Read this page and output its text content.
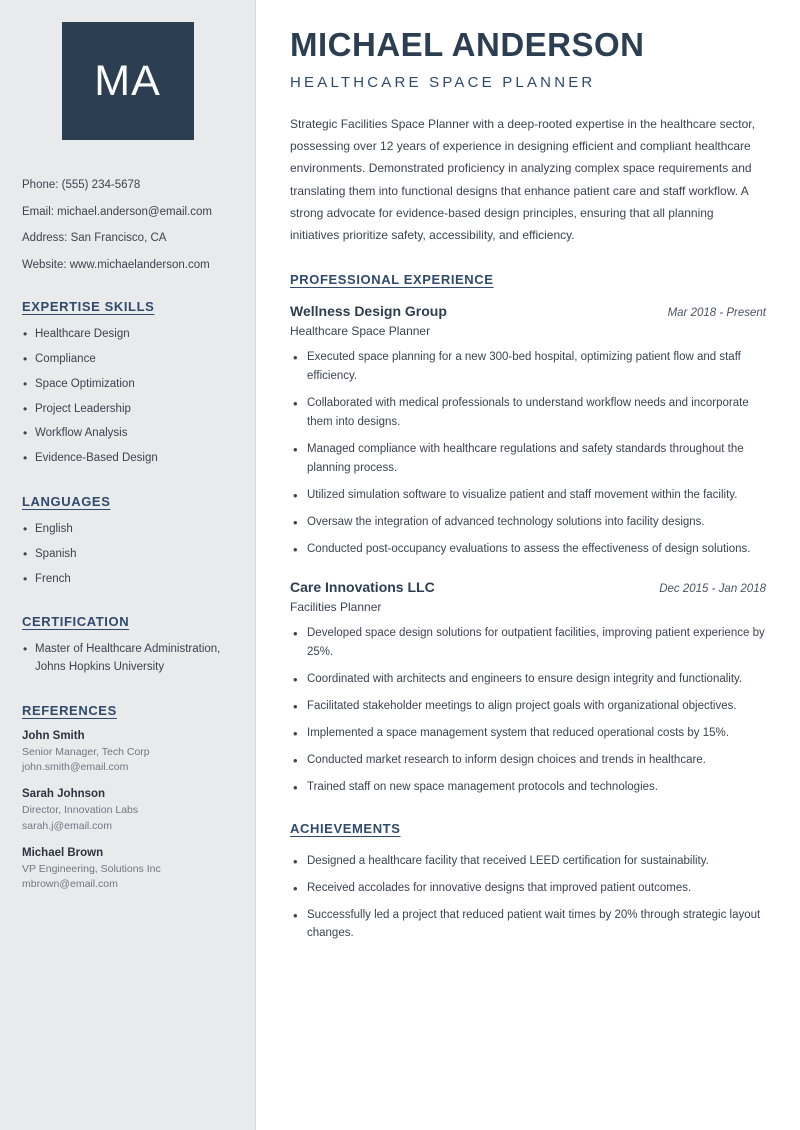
MA
Phone: (555) 234-5678
Email: michael.anderson@email.com
Address: San Francisco, CA
Website: www.michaelanderson.com
EXPERTISE SKILLS
• Healthcare Design
• Compliance
• Space Optimization
• Project Leadership
• Workflow Analysis
• Evidence-Based Design
LANGUAGES
• English
• Spanish
• French
CERTIFICATION
• Master of Healthcare Administration, Johns Hopkins University
REFERENCES
John Smith
Senior Manager, Tech Corp
john.smith@email.com
Sarah Johnson
Director, Innovation Labs
sarah.j@email.com
Michael Brown
VP Engineering, Solutions Inc
mbrown@email.com
MICHAEL ANDERSON
HEALTHCARE SPACE PLANNER

Strategic Facilities Space Planner with a deep-rooted expertise in the healthcare sector, possessing over 12 years of experience in designing efficient and compliant healthcare environments. Demonstrated proficiency in analyzing complex space requirements and translating them into functional designs that enhance patient care and staff workflow. A strong advocate for evidence-based design principles, ensuring that all planning initiatives prioritize safety, accessibility, and efficiency.

PROFESSIONAL EXPERIENCE
Wellness Design Group	Mar 2018 - Present
Healthcare Space Planner
• Executed space planning for a new 300-bed hospital, optimizing patient flow and staff efficiency.
• Collaborated with medical professionals to understand workflow needs and incorporate them into designs.
• Managed compliance with healthcare regulations and safety standards throughout the planning process.
• Utilized simulation software to visualize patient and staff movement within the facility.
• Oversaw the integration of advanced technology solutions into facility designs.
• Conducted post-occupancy evaluations to assess the effectiveness of design solutions.
Care Innovations LLC	Dec 2015 - Jan 2018
Facilities Planner
• Developed space design solutions for outpatient facilities, improving patient experience by 25%.
• Coordinated with architects and engineers to ensure design integrity and functionality.
• Facilitated stakeholder meetings to align project goals with organizational objectives.
• Implemented a space management system that reduced operational costs by 15%.
• Conducted market research to inform design choices and trends in healthcare.
• Trained staff on new space management protocols and technologies.
ACHIEVEMENTS
• Designed a healthcare facility that received LEED certification for sustainability.
• Received accolades for innovative designs that improved patient outcomes.
• Successfully led a project that reduced patient wait times by 20% through strategic layout changes.
